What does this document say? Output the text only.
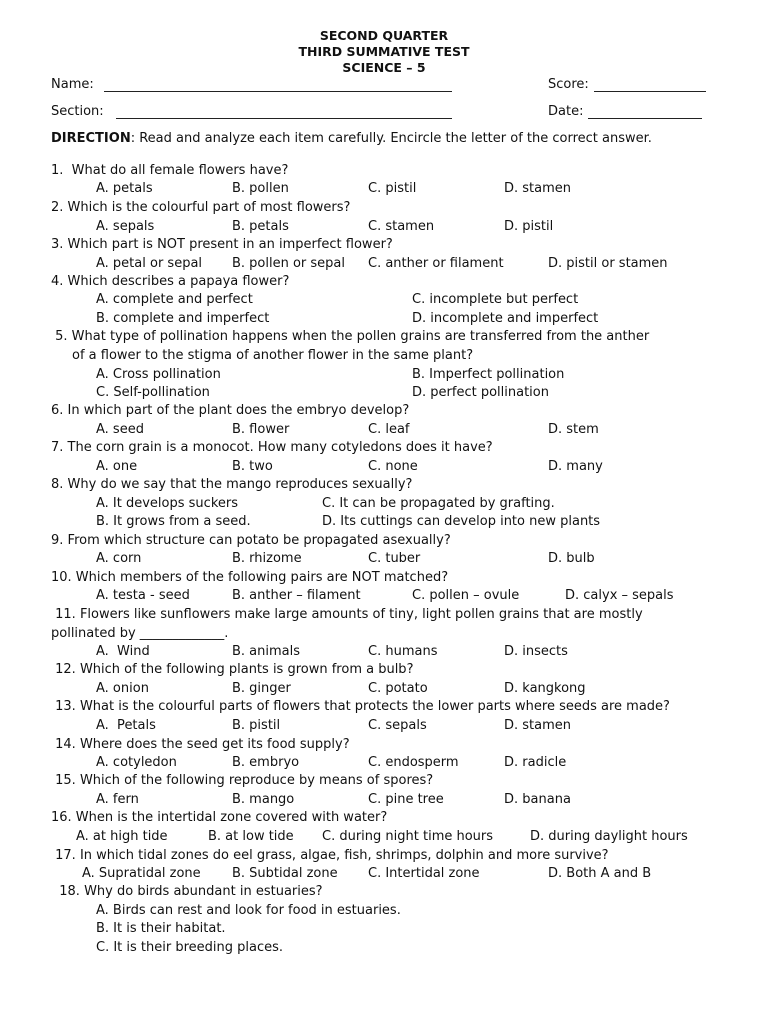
SECOND QUARTER
THIRD SUMMATIVE TEST
SCIENCE – 5
Name:	Score:
Section:	Date:
DIRECTION: Read and analyze each item carefully. Encircle the letter of the correct answer.
1.  What do all female flowers have?
A. petals	B. pollen	C. pistil	D. stamen
2. Which is the colourful part of most flowers?
A. sepals	B. petals	C. stamen	D. pistil
3. Which part is NOT present in an imperfect flower?
A. petal or sepal B. pollen or sepal C. anther or filament	D. pistil or stamen
4. Which describes a papaya flower?
A. complete and perfect	C. incomplete but perfect
B. complete and imperfect	D. incomplete and imperfect
5. What type of pollination happens when the pollen grains are transferred from the anther
of a flower to the stigma of another flower in the same plant?
A. Cross pollination	B. Imperfect pollination
C. Self-pollination	D. perfect pollination
6. In which part of the plant does the embryo develop?
A. seed	B. flower	C. leaf	D. stem
7. The corn grain is a monocot. How many cotyledons does it have?
A. one	B. two	C. none	D. many
8. Why do we say that the mango reproduces sexually?
A. It develops suckers	C. It can be propagated by grafting.
B. It grows from a seed.	D. Its cuttings can develop into new plants
9. From which structure can potato be propagated asexually?
A. corn	B. rhizome	C. tuber	D. bulb
10. Which members of the following pairs are NOT matched?
A. testa - seed	B. anther – filament	C. pollen – ovule	D. calyx – sepals
11. Flowers like sunflowers make large amounts of tiny, light pollen grains that are mostly
pollinated by _____________.
A.  Wind	B. animals	C. humans	D. insects
12. Which of the following plants is grown from a bulb?
A. onion	B. ginger	C. potato	D. kangkong
13. What is the colourful parts of flowers that protects the lower parts where seeds are made?
A.  Petals	B. pistil	C. sepals	D. stamen
14. Where does the seed get its food supply?
A. cotyledon	B. embryo	C. endosperm	D. radicle
15. Which of the following reproduce by means of spores?
A. fern	B. mango	C. pine tree	D. banana
16. When is the intertidal zone covered with water?
A. at high tide	B. at low tide C. during night time hours	D. during daylight hours
17. In which tidal zones do eel grass, algae, fish, shrimps, dolphin and more survive?
A. Supratidal zone B. Subtidal zone C. Intertidal zone	D. Both A and B
18. Why do birds abundant in estuaries?
A. Birds can rest and look for food in estuaries.
B. It is their habitat.
C. It is their breeding places.
